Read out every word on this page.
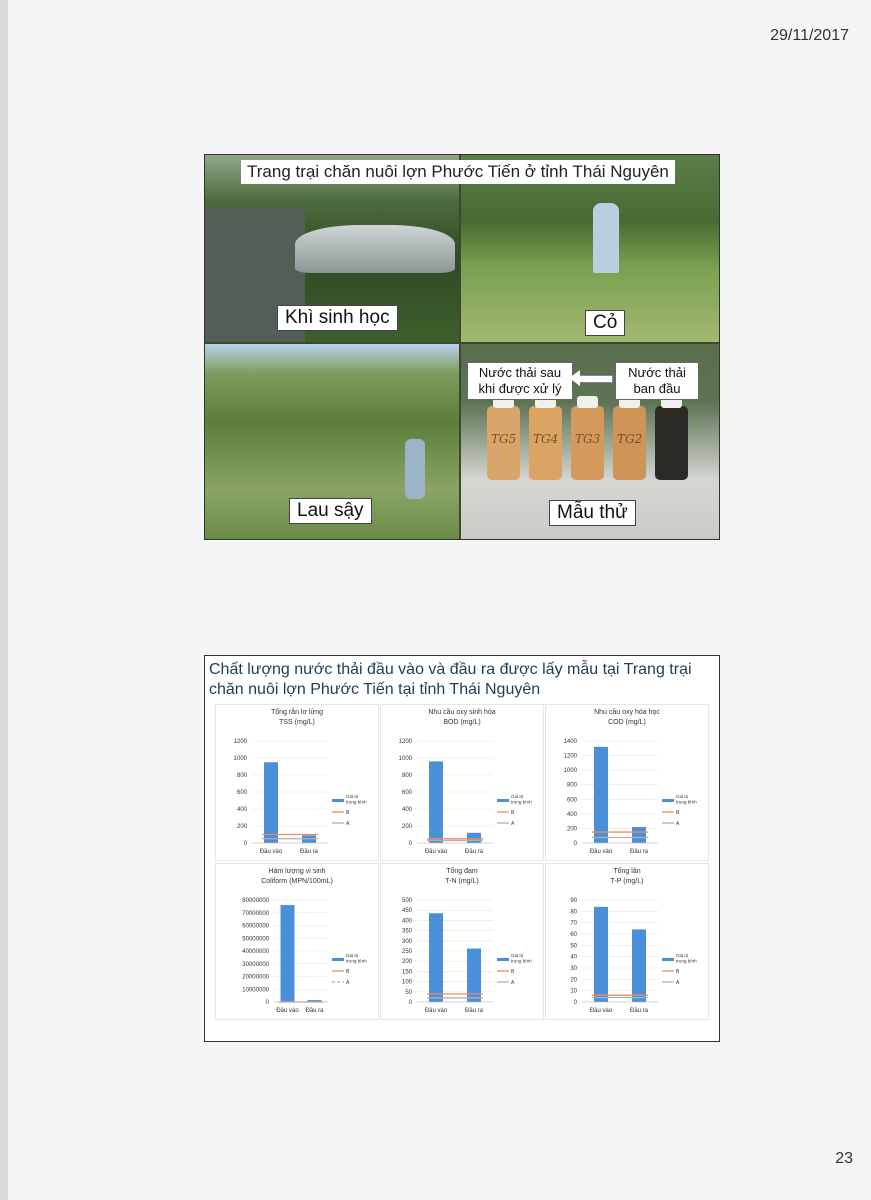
29/11/2017
Khì sinh học	Cỏ
Lau sậy
TG5 TG4 TG3 TG2
Mẫu thử
Trang trại chăn nuôi lợn Phước Tiến ở tỉnh Thái Nguyên
Nước thải sau khi được xử lý
Nước thải ban đầu
Chất lượng nước thải đầu vào và đầu ra được lấy mẫu tại Trang trại chăn nuôi lợn Phước Tiến tại tỉnh Thái Nguyên
Tổng rắn lơ lửng
TSS (mg/L)
0
200
400
600
800
1000
1200
Đầu vào	Đầu ra
Giá trị
trung bình
B
A
Nhu cầu oxy sinh hóa
BOD (mg/L)
0
200
400
600
800
1000
1200
Đầu vào	Đầu ra
Giá trị
trung bình
B
A
Nhu cầu oxy hóa học
COD (mg/L)
0
200
400
600
800
1000
1200
1400
Đầu vào	Đầu ra
Giá trị
trung bình
B
A
Hàm lượng vi sinh
Coliform (MPN/100mL)
0
10000000
20000000
30000000
40000000
50000000
60000000
70000000
80000000
Đầu vào Đầu ra
Giá trị
trung bình
B
A
Tổng đạm
T-N (mg/L)
0
50
100
150
200
250
300
350
400
450
500
Đầu vào	Đầu ra
Giá trị
trung bình
B
A
Tổng lân
T-P (mg/L)
0
10
20
30
40
50
60
70
80
90
Đầu vào	Đầu ra
Giá trị
trung bình
B
A
23
